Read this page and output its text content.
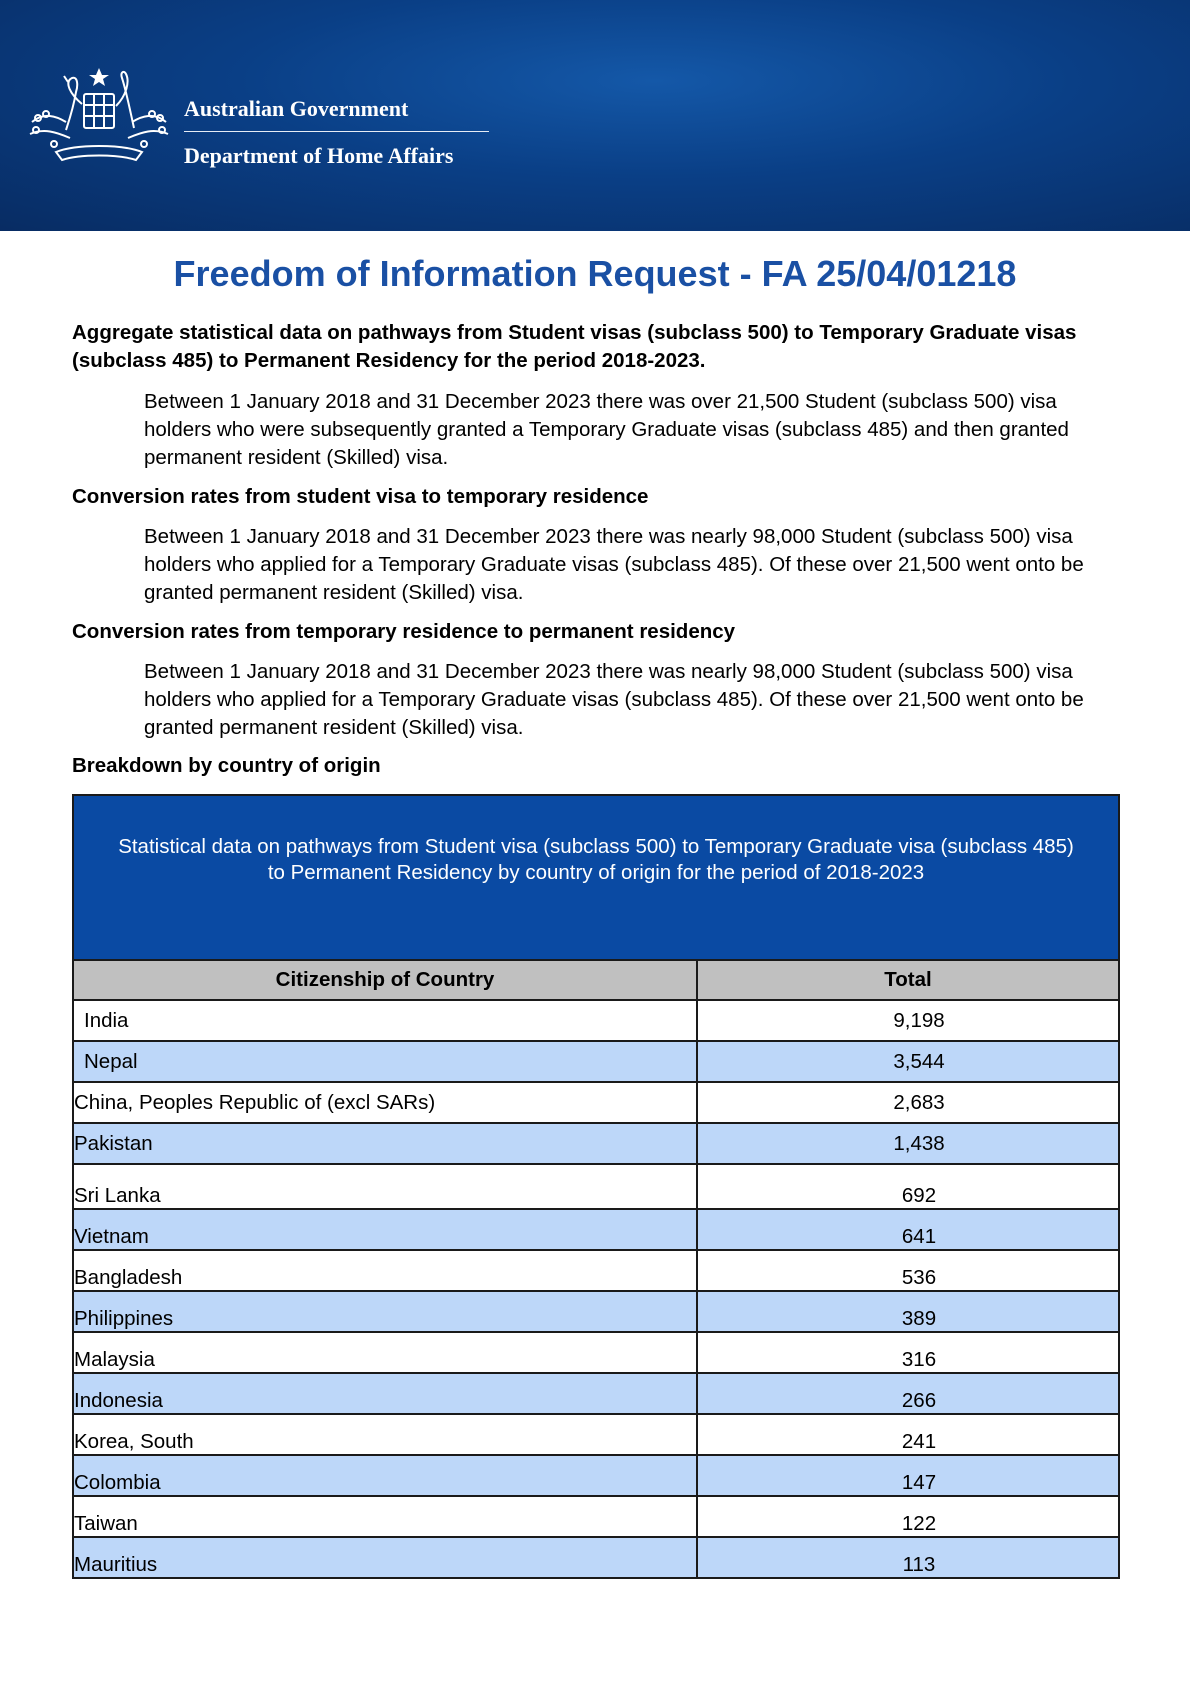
Australian Government
Department of Home Affairs
Freedom of Information Request - FA 25/04/01218
Aggregate statistical data on pathways from Student visas (subclass 500) to Temporary Graduate visas (subclass 485) to Permanent Residency for the period 2018-2023.
Between 1 January 2018 and 31 December 2023 there was over 21,500 Student (subclass 500) visa holders who were subsequently granted a Temporary Graduate visas (subclass 485) and then granted permanent resident (Skilled) visa.
Conversion rates from student visa to temporary residence
Between 1 January 2018 and 31 December 2023 there was nearly 98,000 Student (subclass 500) visa holders who applied for a Temporary Graduate visas (subclass 485). Of these over 21,500 went onto be granted permanent resident (Skilled) visa.
Conversion rates from temporary residence to permanent residency
Between 1 January 2018 and 31 December 2023 there was nearly 98,000 Student (subclass 500) visa holders who applied for a Temporary Graduate visas (subclass 485). Of these over 21,500 went onto be granted permanent resident (Skilled) visa.
Breakdown by country of origin
Statistical data on pathways from Student visa (subclass 500) to Temporary Graduate visa (subclass 485) to Permanent Residency by country of origin for the period of 2018-2023	

Citizenship of Country	Total
India	9,198
Nepal	3,544
China, Peoples Republic of (excl SARs)	2,683
Pakistan	1,438
Sri Lanka	692
Vietnam	641
Bangladesh	536
Philippines	389
Malaysia	316
Indonesia	266
Korea, South	241
Colombia	147
Taiwan	122
Mauritius	113
